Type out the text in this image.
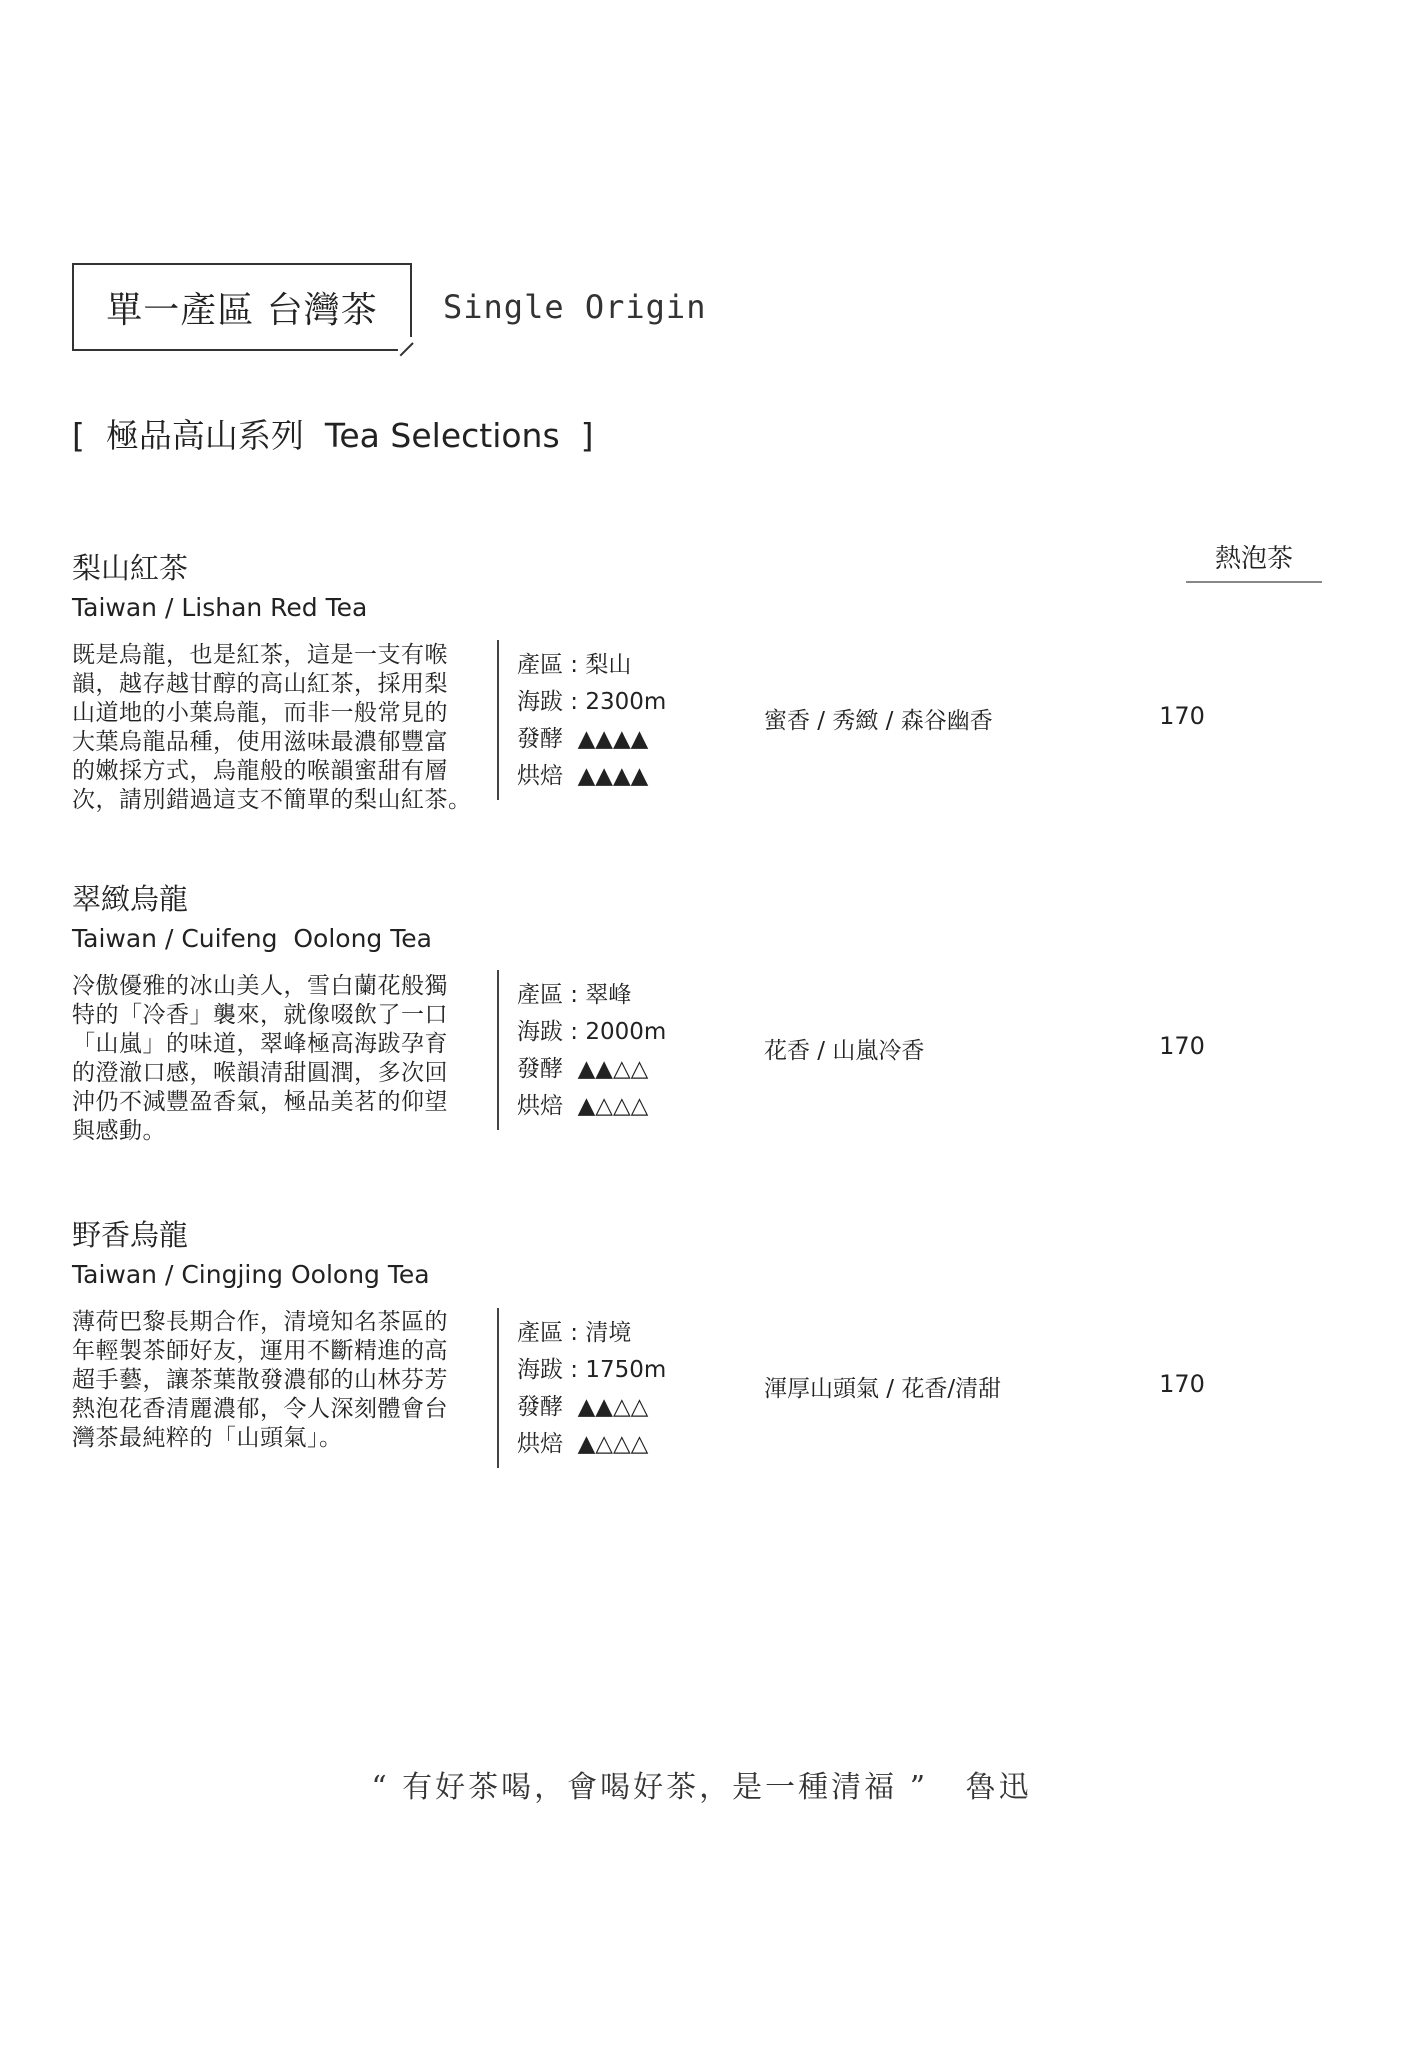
單一產區 台灣茶	Single Origin
[  極品高山系列  Tea Selections  ]
熱泡茶
梨山紅茶
Taiwan / Lishan Red Tea
既是烏龍，也是紅茶，這是一支有喉
韻，越存越甘醇的高山紅茶，採用梨
山道地的小葉烏龍，而非一般常見的
大葉烏龍品種，使用滋味最濃郁豐富
的嫩採方式，烏龍般的喉韻蜜甜有層
次，請別錯過這支不簡單的梨山紅茶。
產區 : 梨山
海跋 : 2300m
發酵  ▲▲▲▲
烘焙  ▲▲▲▲
蜜香 / 秀緻 / 森谷幽香	170
翠緻烏龍
Taiwan / Cuifeng  Oolong Tea
冷傲優雅的冰山美人，雪白蘭花般獨
特的「冷香」襲來，就像啜飲了一口
「山嵐」的味道，翠峰極高海跋孕育
的澄澈口感，喉韻清甜圓潤，多次回
沖仍不減豐盈香氣，極品美茗的仰望
與感動。
產區 : 翠峰
海跋 : 2000m
發酵  ▲▲△△
烘焙  ▲△△△
花香 / 山嵐冷香	170
野香烏龍
Taiwan / Cingjing Oolong Tea
薄荷巴黎長期合作，清境知名茶區的
年輕製茶師好友，運用不斷精進的高
超手藝，讓茶葉散發濃郁的山林芬芳
熱泡花香清麗濃郁，令人深刻體會台
灣茶最純粹的「山頭氣」。
產區 : 清境
海跋 : 1750m
發酵  ▲▲△△
烘焙  ▲△△△
渾厚山頭氣 / 花香/清甜	170
“ 有好茶喝，會喝好茶，是一種清福 ”   魯迅
